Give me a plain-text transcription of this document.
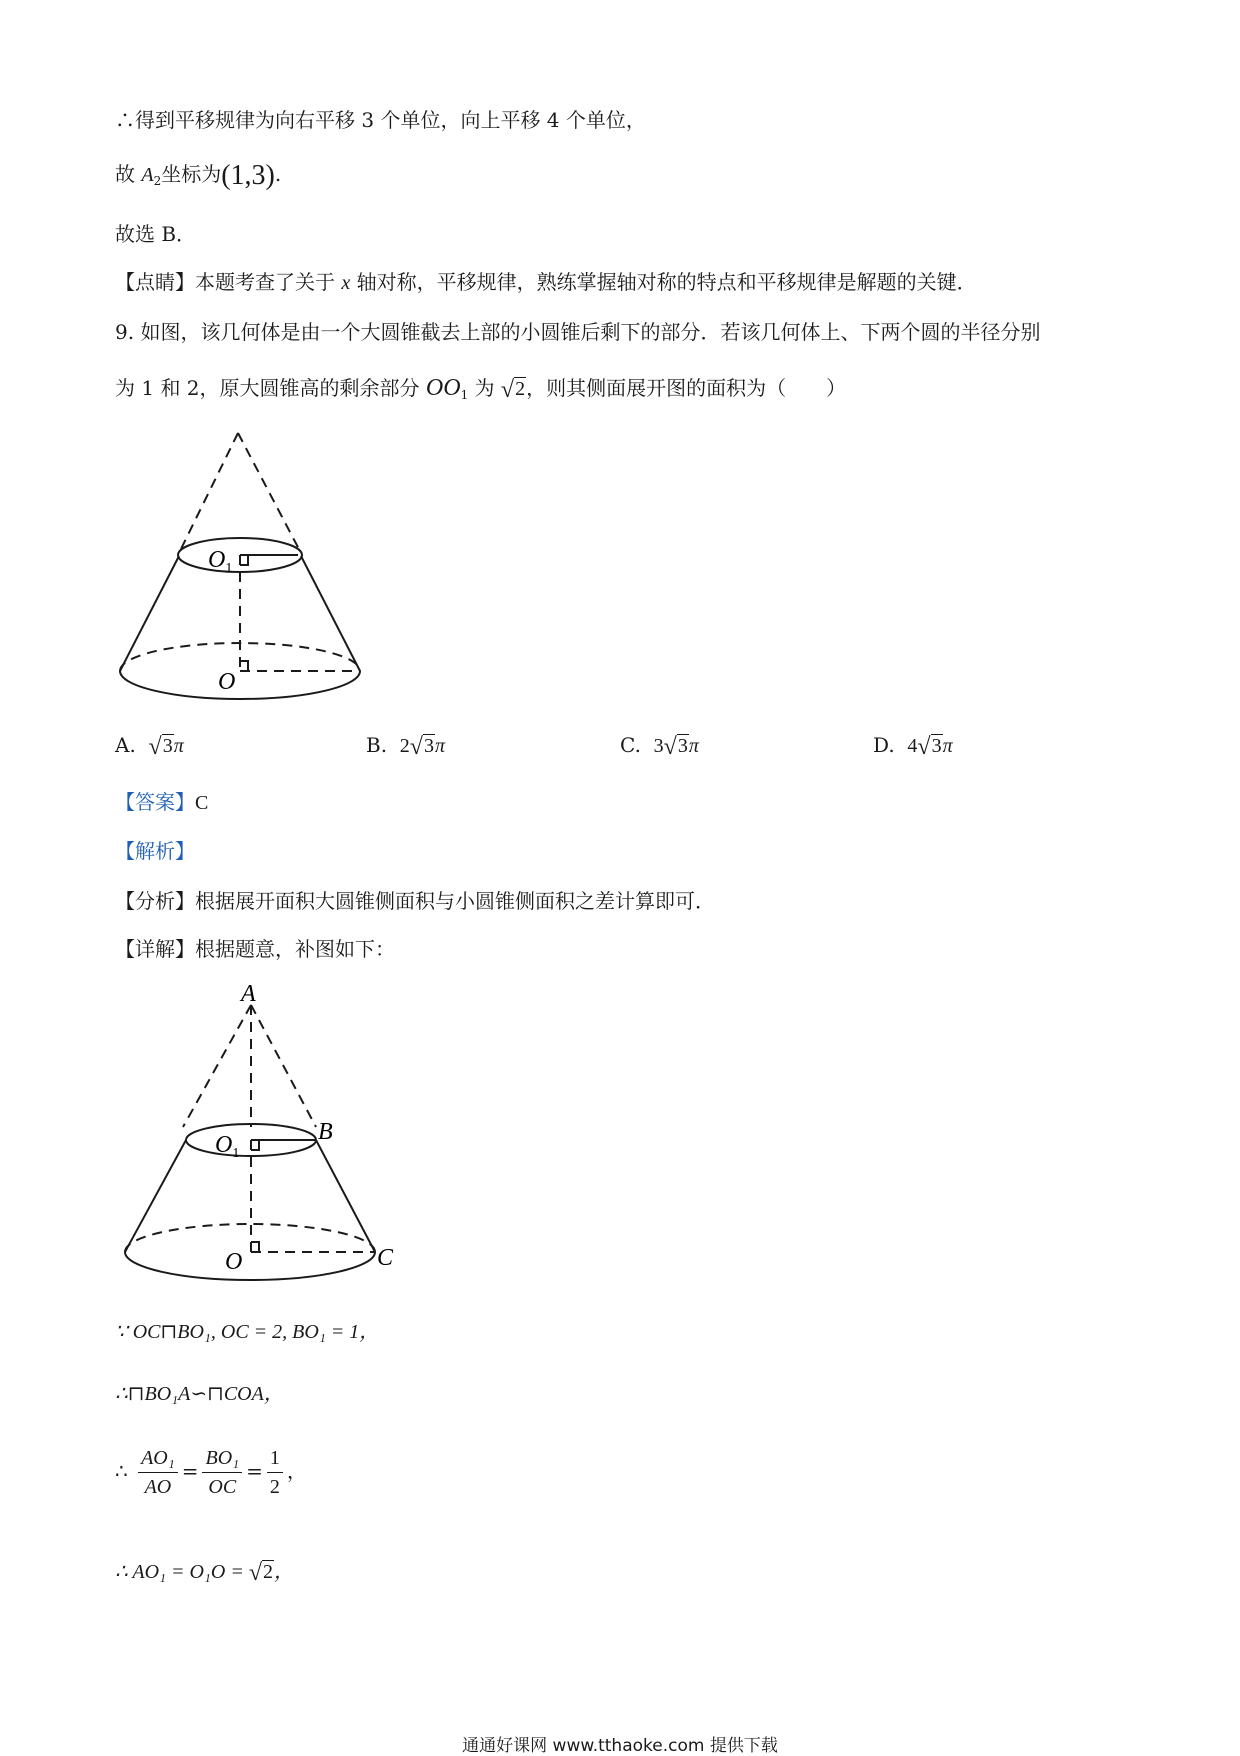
∴得到平移规律为向右平移 3 个单位，向上平移 4 个单位，
故 $A_2$坐标为(1,3).
故选 B．
【点睛】本题考查了关于 x 轴对称，平移规律，熟练掌握轴对称的特点和平移规律是解题的关键．
9. 如图，该几何体是由一个大圆锥截去上部的小圆锥后剩下的部分．若该几何体上、下两个圆的半径分别
为 1 和 2，原大圆锥高的剩余部分 $OO_1$ 为 √2，则其侧面展开图的面积为（　　）
$O_1$
O
A. √3π	B. 2√3π	C. 3√3π	D. 4√3π
【答案】C
【解析】
【分析】根据展开面积大圆锥侧面积与小圆锥侧面积之差计算即可．
【详解】根据题意，补图如下：
A
B
C
$O_1$
O
∵ OC⊓BO₁, OC = 2, BO₁ = 1，
∴⊓BO₁A∽⊓COA，
∴ $\frac{\text{AO₁}}{AO} = \frac{\text{BO₁}}{OC} = \frac{1}{2}$ ，
∴ AO₁ = O₁O = √2，
通通好课网 www.tthaoke.com 提供下载
